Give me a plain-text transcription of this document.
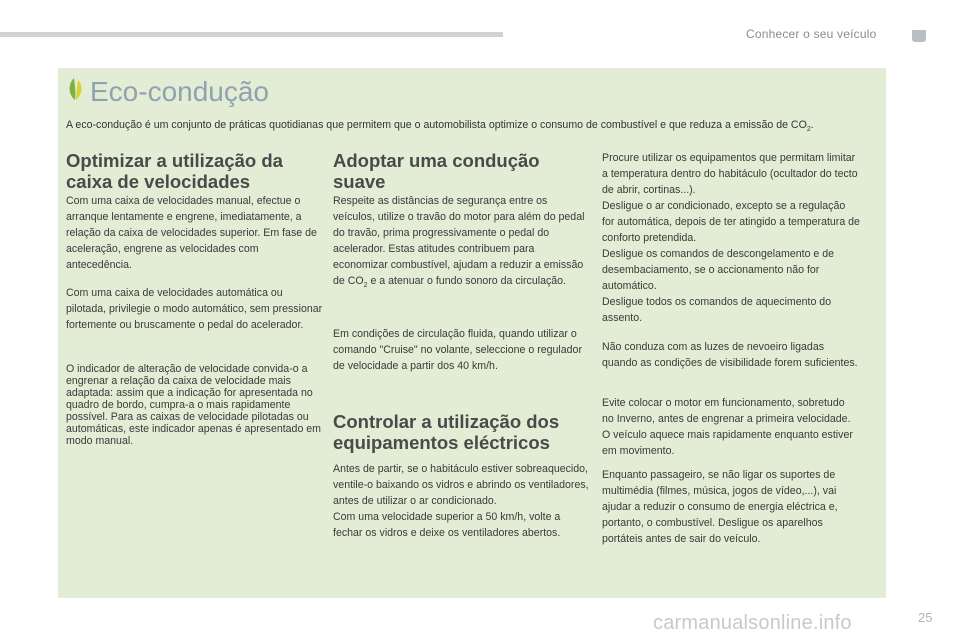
Conhecer o seu veículo
Eco-condução

A eco-condução é um conjunto de práticas quotidianas que permitem que o automobilista optimize o consumo de combustível e que reduza a emissão de $CO_2$.

Optimizar a utilização da caixa de velocidades

Com uma caixa de velocidades manual, efectue o arranque lentamente e engrene, imediatamente, a relação da caixa de velocidades superior. Em fase de aceleração, engrene as velocidades com antecedência.

Com uma caixa de velocidades automática ou pilotada, privilegie o modo automático, sem pressionar fortemente ou bruscamente o pedal do acelerador.

O indicador de alteração de velocidade convida-o a engrenar a relação da caixa de velocidade mais adaptada: assim que a indicação for apresentada no quadro de bordo, cumpra-a o mais rapidamente possível. Para as caixas de velocidade pilotadas ou automáticas, este indicador apenas é apresentado em modo manual.

Adoptar uma condução suave

Respeite as distâncias de segurança entre os veículos, utilize o travão do motor para além do pedal do travão, prima progressivamente o pedal do acelerador. Estas atitudes contribuem para economizar combustível, ajudam a reduzir a emissão de $CO_2$ e a atenuar o fundo sonoro da circulação.

Em condições de circulação fluida, quando utilizar o comando "Cruise" no volante, seleccione o regulador de velocidade a partir dos 40 km/h.

Controlar a utilização dos equipamentos eléctricos

Antes de partir, se o habitáculo estiver sobreaquecido, ventile-o baixando os vidros e abrindo os ventiladores, antes de utilizar o ar condicionado.
Com uma velocidade superior a 50 km/h, volte a fechar os vidros e deixe os ventiladores abertos.

Procure utilizar os equipamentos que permitam limitar a temperatura dentro do habitáculo (ocultador do tecto de abrir, cortinas...).
Desligue o ar condicionado, excepto se a regulação for automática, depois de ter atingido a temperatura de conforto pretendida.
Desligue os comandos de descongelamento e de desembaciamento, se o accionamento não for automático.
Desligue todos os comandos de aquecimento do assento.

Não conduza com as luzes de nevoeiro ligadas quando as condições de visibilidade forem suficientes.

Evite colocar o motor em funcionamento, sobretudo no Inverno, antes de engrenar a primeira velocidade. O veículo aquece mais rapidamente enquanto estiver em movimento.

Enquanto passageiro, se não ligar os suportes de multimédia (filmes, música, jogos de vídeo,...), vai ajudar a reduzir o consumo de energia eléctrica e, portanto, o combustível. Desligue os aparelhos portáteis antes de sair do veículo.

carmanualsonline.info	25
